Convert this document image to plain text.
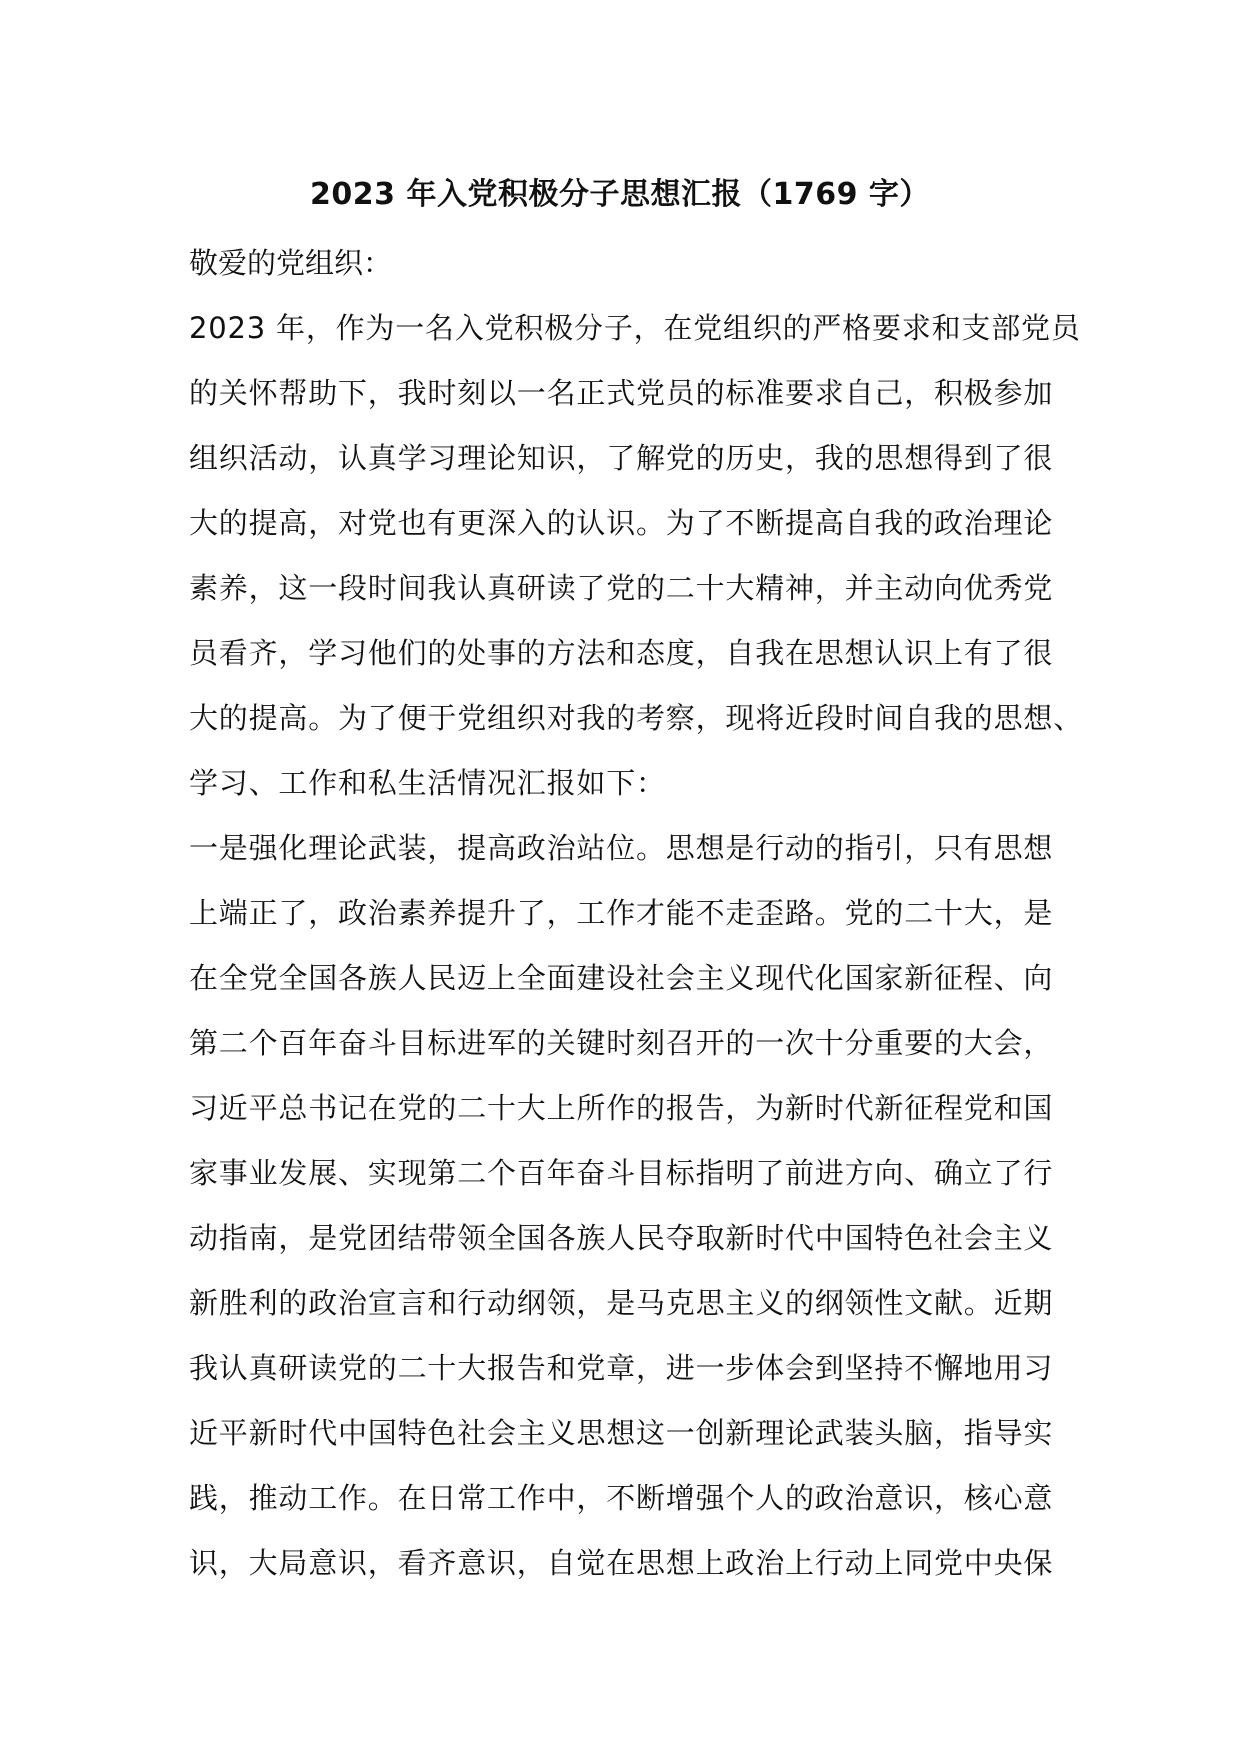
2023 年入党积极分子思想汇报（1769 字）

敬爱的党组织：

2023 年，作为一名入党积极分子，在党组织的严格要求和支部党员

的关怀帮助下，我时刻以一名正式党员的标准要求自己，积极参加

组织活动，认真学习理论知识，了解党的历史，我的思想得到了很

大的提高，对党也有更深入的认识。为了不断提高自我的政治理论

素养，这一段时间我认真研读了党的二十大精神，并主动向优秀党

员看齐，学习他们的处事的方法和态度，自我在思想认识上有了很

大的提高。为了便于党组织对我的考察，现将近段时间自我的思想、

学习、工作和私生活情况汇报如下：

一是强化理论武装，提高政治站位。思想是行动的指引，只有思想

上端正了，政治素养提升了，工作才能不走歪路。党的二十大，是

在全党全国各族人民迈上全面建设社会主义现代化国家新征程、向

第二个百年奋斗目标进军的关键时刻召开的一次十分重要的大会，

习近平总书记在党的二十大上所作的报告，为新时代新征程党和国

家事业发展、实现第二个百年奋斗目标指明了前进方向、确立了行

动指南，是党团结带领全国各族人民夺取新时代中国特色社会主义

新胜利的政治宣言和行动纲领，是马克思主义的纲领性文献。近期

我认真研读党的二十大报告和党章，进一步体会到坚持不懈地用习

近平新时代中国特色社会主义思想这一创新理论武装头脑，指导实

践，推动工作。在日常工作中，不断增强个人的政治意识，核心意

识，大局意识，看齐意识，自觉在思想上政治上行动上同党中央保
